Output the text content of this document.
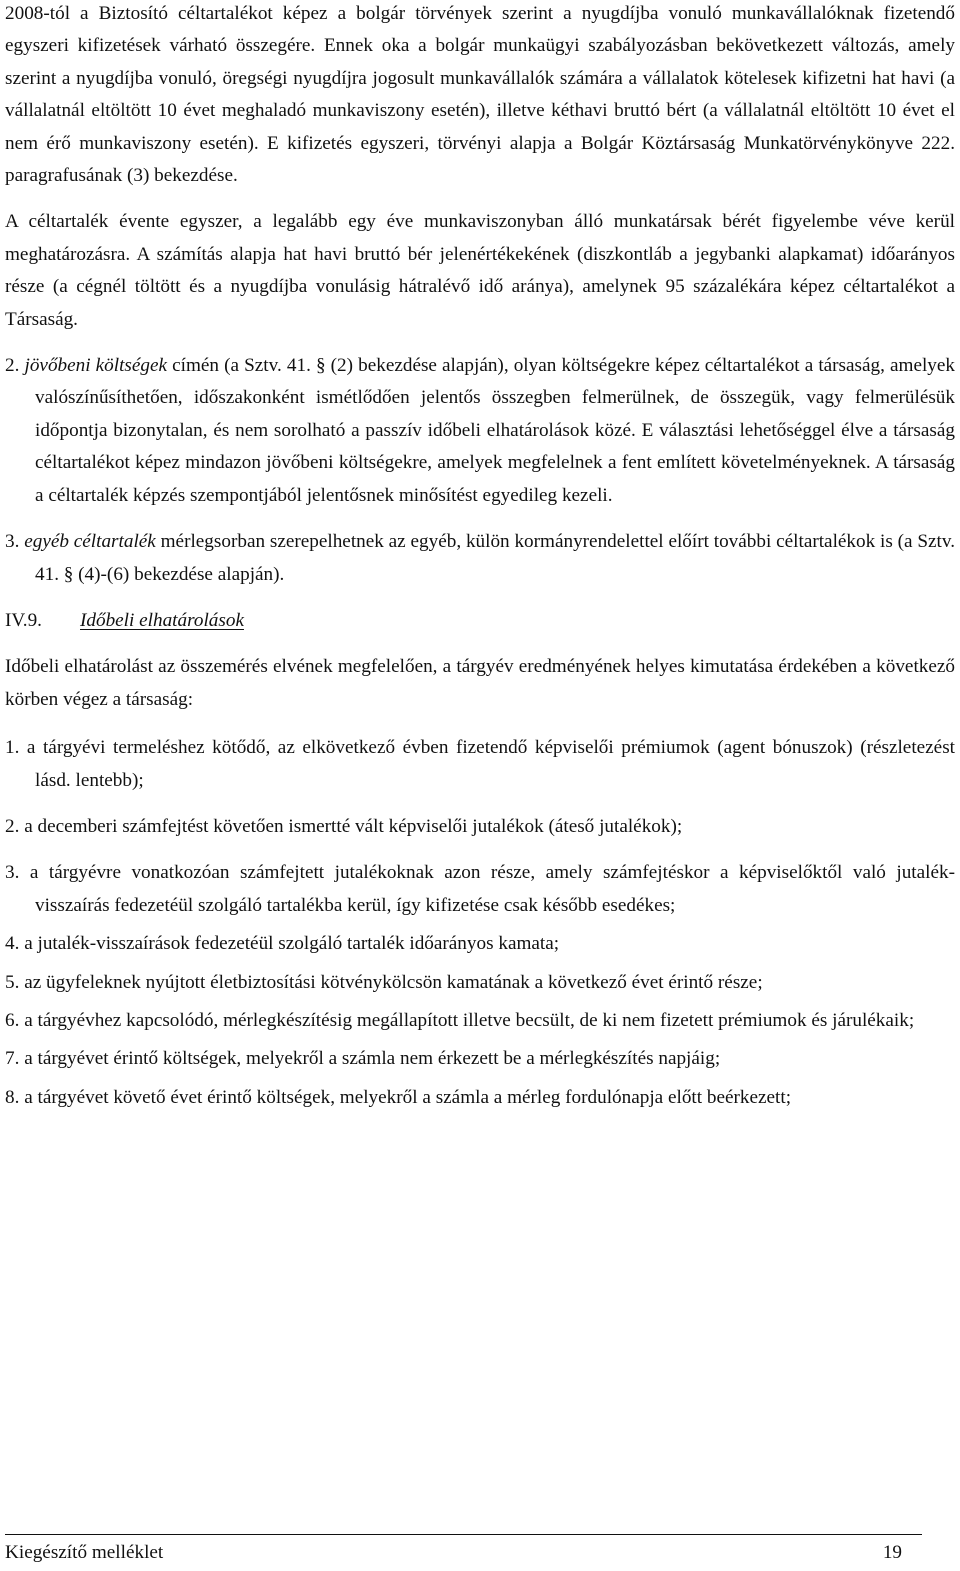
2008-tól a Biztosító céltartalékot képez a bolgár törvények szerint a nyugdíjba vonuló munkavállalóknak fizetendő egyszeri kifizetések várható összegére. Ennek oka a bolgár munkaügyi szabályozásban bekövetkezett változás, amely szerint a nyugdíjba vonuló, öregségi nyugdíjra jogosult munkavállalók számára a vállalatok kötelesek kifizetni hat havi (a vállalatnál eltöltött 10 évet meghaladó munkaviszony esetén), illetve kéthavi bruttó bért (a vállalatnál eltöltött 10 évet el nem érő munkaviszony esetén). E kifizetés egyszeri, törvényi alapja a Bolgár Köztársaság Munkatörvénykönyve 222. paragrafusának (3) bekezdése.

A céltartalék évente egyszer, a legalább egy éve munkaviszonyban álló munkatársak bérét figyelembe véve kerül meghatározásra. A számítás alapja hat havi bruttó bér jelenértékekének (diszkontláb a jegybanki alapkamat) időarányos része (a cégnél töltött és a nyugdíjba vonulásig hátralévő idő aránya), amelynek 95 százalékára képez céltartalékot a Társaság.

2. jövőbeni költségek címén (a Sztv. 41. § (2) bekezdése alapján), olyan költségekre képez céltartalékot a társaság, amelyek valószínűsíthetően, időszakonként ismétlődően jelentős összegben felmerülnek, de összegük, vagy felmerülésük időpontja bizonytalan, és nem sorolható a passzív időbeli elhatárolások közé. E választási lehetőséggel élve a társaság céltartalékot képez mindazon jövőbeni költségekre, amelyek megfelelnek a fent említett követelményeknek. A társaság a céltartalék képzés szempontjából jelentősnek minősítést egyedileg kezeli.

3. egyéb céltartalék mérlegsorban szerepelhetnek az egyéb, külön kormányrendelettel előírt további céltartalékok is (a Sztv. 41. § (4)-(6) bekezdése alapján).

IV.9.	Időbeli elhatárolások

Időbeli elhatárolást az összemérés elvének megfelelően, a tárgyév eredményének helyes kimutatása érdekében a következő körben végez a társaság:

1. a tárgyévi termeléshez kötődő, az elkövetkező évben fizetendő képviselői prémiumok (agent bónuszok) (részletezést lásd. lentebb);
2. a decemberi számfejtést követően ismertté vált képviselői jutalékok (áteső jutalékok);
3. a tárgyévre vonatkozóan számfejtett jutalékoknak azon része, amely számfejtéskor a képviselőktől való jutalék-visszaírás fedezetéül szolgáló tartalékba kerül, így kifizetése csak később esedékes;
4. a jutalék-visszaírások fedezetéül szolgáló tartalék időarányos kamata;
5. az ügyfeleknek nyújtott életbiztosítási kötvénykölcsön kamatának a következő évet érintő része;
6. a tárgyévhez kapcsolódó, mérlegkészítésig megállapított illetve becsült, de ki nem fizetett prémiumok és járulékaik;
7. a tárgyévet érintő költségek, melyekről a számla nem érkezett be a mérlegkészítés napjáig;
8. a tárgyévet követő évet érintő költségek, melyekről a számla a mérleg fordulónapja előtt beérkezett;
Kiegészítő melléklet	19
